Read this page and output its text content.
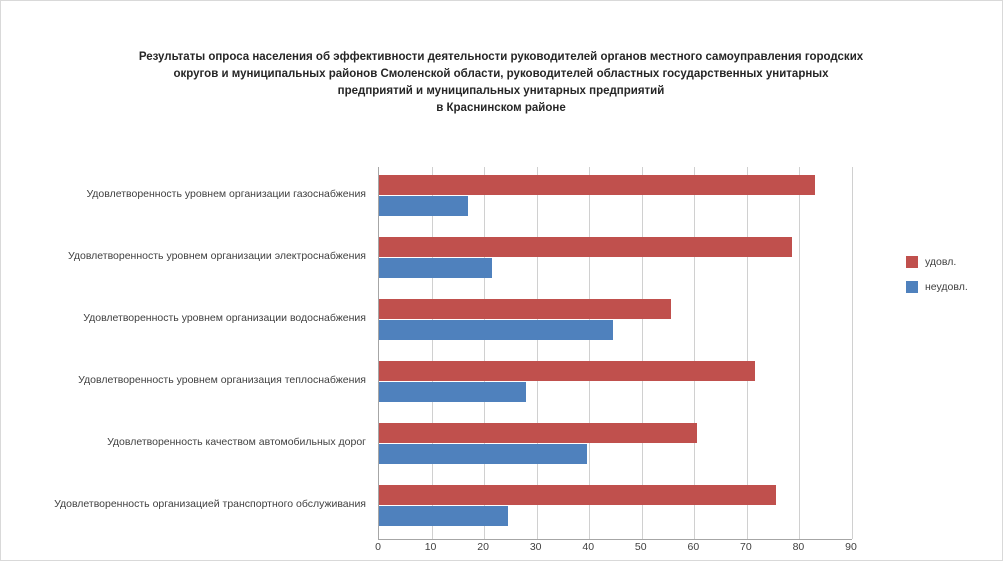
Результаты опроса населения об эффективности деятельности руководителей органов местного самоуправления городских
округов и муниципальных районов Смоленской области, руководителей областных государственных унитарных
предприятий и муниципальных унитарных предприятий
в Краснинском районе
Удовлетворенность уровнем организации газоснабжения
Удовлетворенность уровнем организации электроснабжения
Удовлетворенность уровнем организации водоснабжения
Удовлетворенность уровнем организация теплоснабжения
Удовлетворенность качеством автомобильных дорог
Удовлетворенность организацией транспортного обслуживания
0	10	20	30	40	50	60	70	80	90
удовл.
неудовл.
